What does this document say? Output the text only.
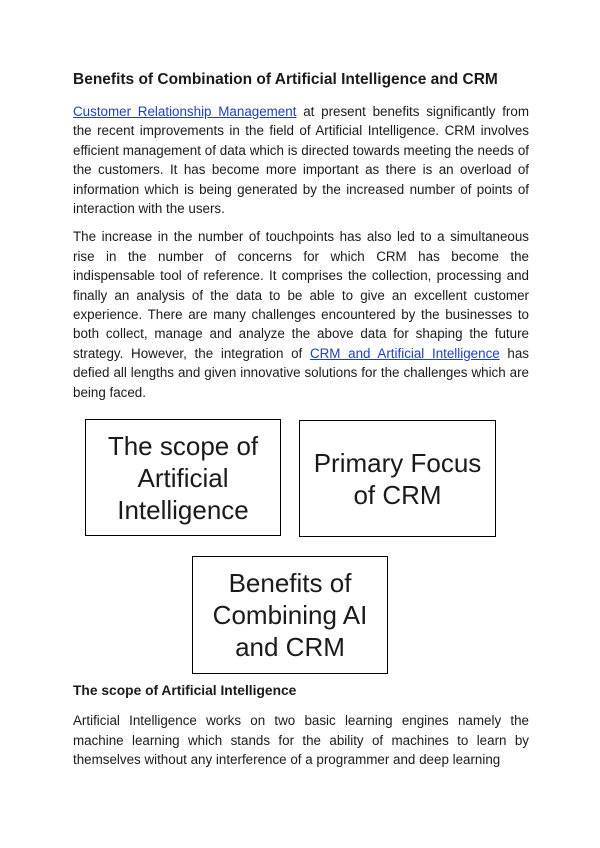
Benefits of Combination of Artificial Intelligence and CRM

Customer Relationship Management at present benefits significantly from the recent improvements in the field of Artificial Intelligence. CRM involves efficient management of data which is directed towards meeting the needs of the customers. It has become more important as there is an overload of information which is being generated by the increased number of points of interaction with the users.

The increase in the number of touchpoints has also led to a simultaneous rise in the number of concerns for which CRM has become the indispensable tool of reference. It comprises the collection, processing and finally an analysis of the data to be able to give an excellent customer experience. There are many challenges encountered by the businesses to both collect, manage and analyze the above data for shaping the future strategy. However, the integration of CRM and Artificial Intelligence has defied all lengths and given innovative solutions for the challenges which are being faced.

The scope of Artificial Intelligence
Primary Focus of CRM
Benefits of Combining AI and CRM
The scope of Artificial Intelligence

Artificial Intelligence works on two basic learning engines namely the machine learning which stands for the ability of machines to learn by themselves without any interference of a programmer and deep learning
